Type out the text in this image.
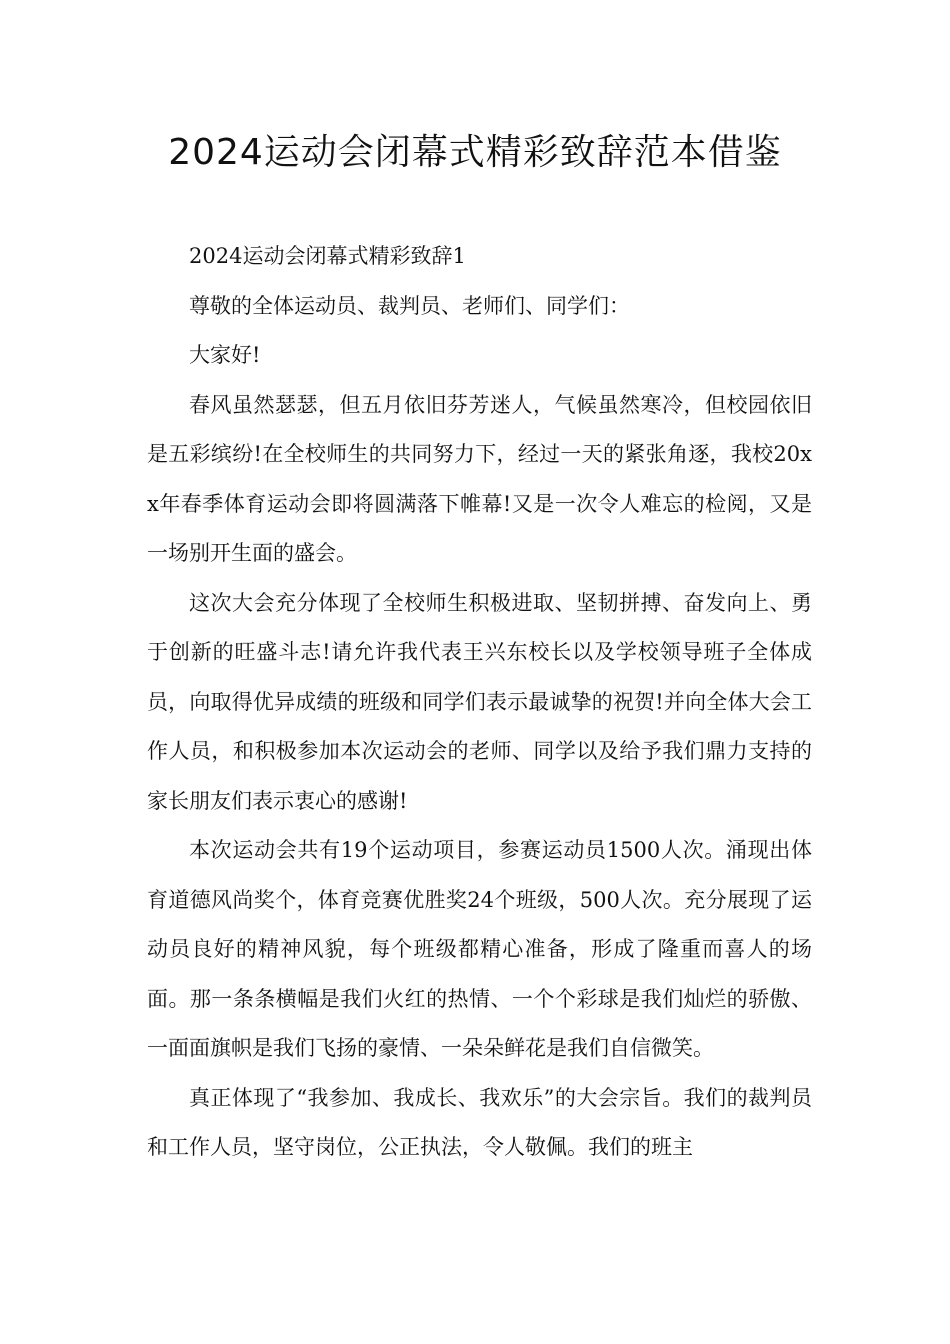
2024运动会闭幕式精彩致辞范本借鉴

2024运动会闭幕式精彩致辞1

尊敬的全体运动员、裁判员、老师们、同学们：

大家好!

春风虽然瑟瑟，但五月依旧芬芳迷人，气候虽然寒冷，但校园依旧是五彩缤纷!在全校师生的共同努力下，经过一天的紧张角逐，我校20xx年春季体育运动会即将圆满落下帷幕!又是一次令人难忘的检阅，又是一场别开生面的盛会。

这次大会充分体现了全校师生积极进取、坚韧拼搏、奋发向上、勇于创新的旺盛斗志!请允许我代表王兴东校长以及学校领导班子全体成员，向取得优异成绩的班级和同学们表示最诚挚的祝贺!并向全体大会工作人员，和积极参加本次运动会的老师、同学以及给予我们鼎力支持的家长朋友们表示衷心的感谢!

本次运动会共有19个运动项目，参赛运动员1500人次。涌现出体育道德风尚奖个，体育竞赛优胜奖24个班级，500人次。充分展现了运动员良好的精神风貌，每个班级都精心准备，形成了隆重而喜人的场面。那一条条横幅是我们火红的热情、一个个彩球是我们灿烂的骄傲、一面面旗帜是我们飞扬的豪情、一朵朵鲜花是我们自信微笑。

真正体现了“我参加、我成长、我欢乐”的大会宗旨。我们的裁判员和工作人员，坚守岗位，公正执法，令人敬佩。我们的班主
